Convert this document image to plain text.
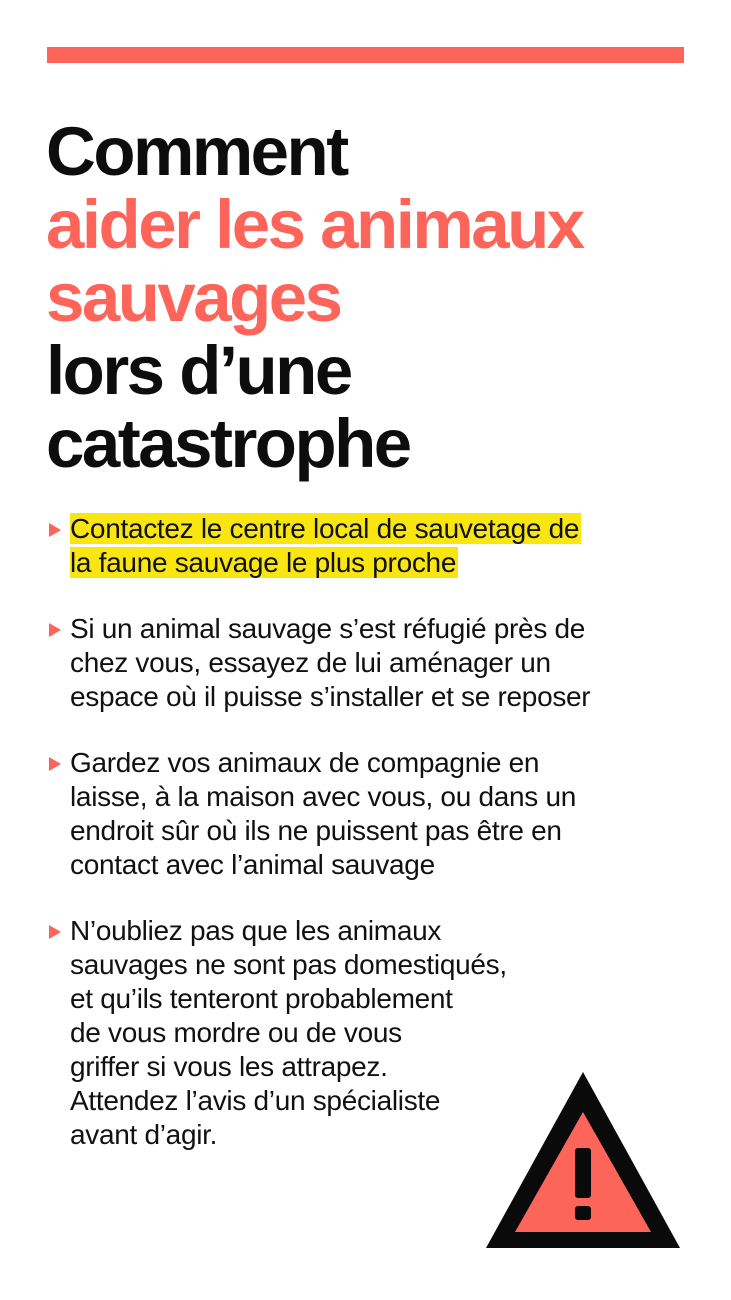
Comment
aider les animaux
sauvages
lors d’une
catastrophe
Contactez le centre local de sauvetage de
la faune sauvage le plus proche
Si un animal sauvage s’est réfugié près de
chez vous, essayez de lui aménager un
espace où il puisse s’installer et se reposer
Gardez vos animaux de compagnie en
laisse, à la maison avec vous, ou dans un
endroit sûr où ils ne puissent pas être en
contact avec l’animal sauvage
N’oubliez pas que les animaux
sauvages ne sont pas domestiqués,
et qu’ils tenteront probablement
de vous mordre ou de vous
griffer si vous les attrapez.
Attendez l’avis d’un spécialiste
avant d’agir.
